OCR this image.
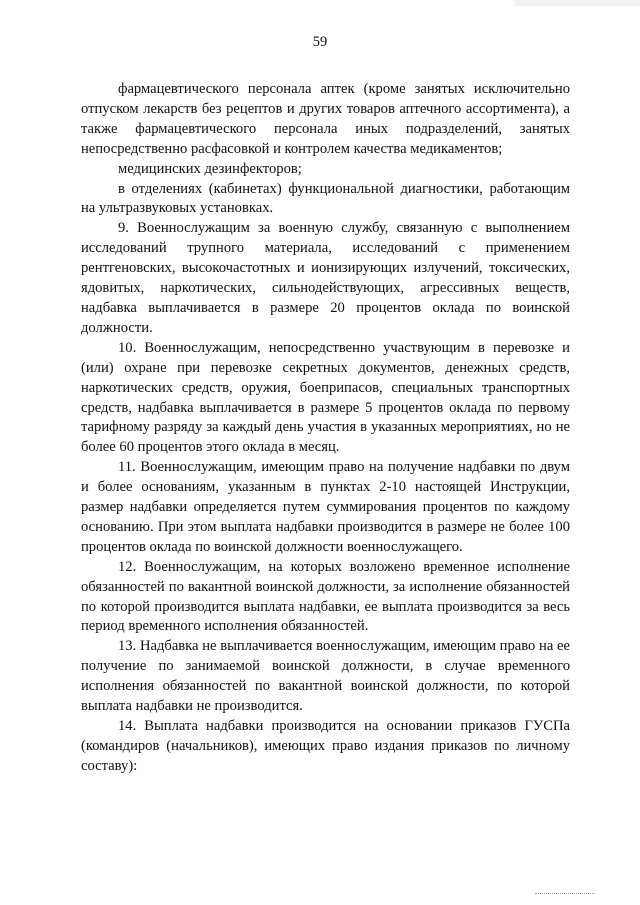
59

фармацевтического персонала аптек (кроме занятых исключительно отпуском лекарств без рецептов и других товаров аптечного ассортимента), а также фармацевтического персонала иных подразделений, занятых непосредственно расфасовкой и контролем качества медикаментов;

медицинских дезинфекторов;

в отделениях (кабинетах) функциональной диагностики, работающим на ультразвуковых установках.

9. Военнослужащим за военную службу, связанную с выполнением исследований трупного материала, исследований с применением рентгеновских, высокочастотных и ионизирующих излучений, токсических, ядовитых, наркотических, сильнодействующих, агрессивных веществ, надбавка выплачивается в размере 20 процентов оклада по воинской должности.

10. Военнослужащим, непосредственно участвующим в перевозке и (или) охране при перевозке секретных документов, денежных средств, наркотических средств, оружия, боеприпасов, специальных транспортных средств, надбавка выплачивается в размере 5 процентов оклада по первому тарифному разряду за каждый день участия в указанных мероприятиях, но не более 60 процентов этого оклада в месяц.

11. Военнослужащим, имеющим право на получение надбавки по двум и более основаниям, указанным в пунктах 2-10 настоящей Инструкции, размер надбавки определяется путем суммирования процентов по каждому основанию. При этом выплата надбавки производится в размере не более 100 процентов оклада по воинской должности военнослужащего.

12. Военнослужащим, на которых возложено временное исполнение обязанностей по вакантной воинской должности, за исполнение обязанностей по которой производится выплата надбавки, ее выплата производится за весь период временного исполнения обязанностей.

13. Надбавка не выплачивается военнослужащим, имеющим право на ее получение по занимаемой воинской должности, в случае временного исполнения обязанностей по вакантной воинской должности, по которой выплата надбавки не производится.

14. Выплата надбавки производится на основании приказов ГУСПа (командиров (начальников), имеющих право издания приказов по личному составу):
